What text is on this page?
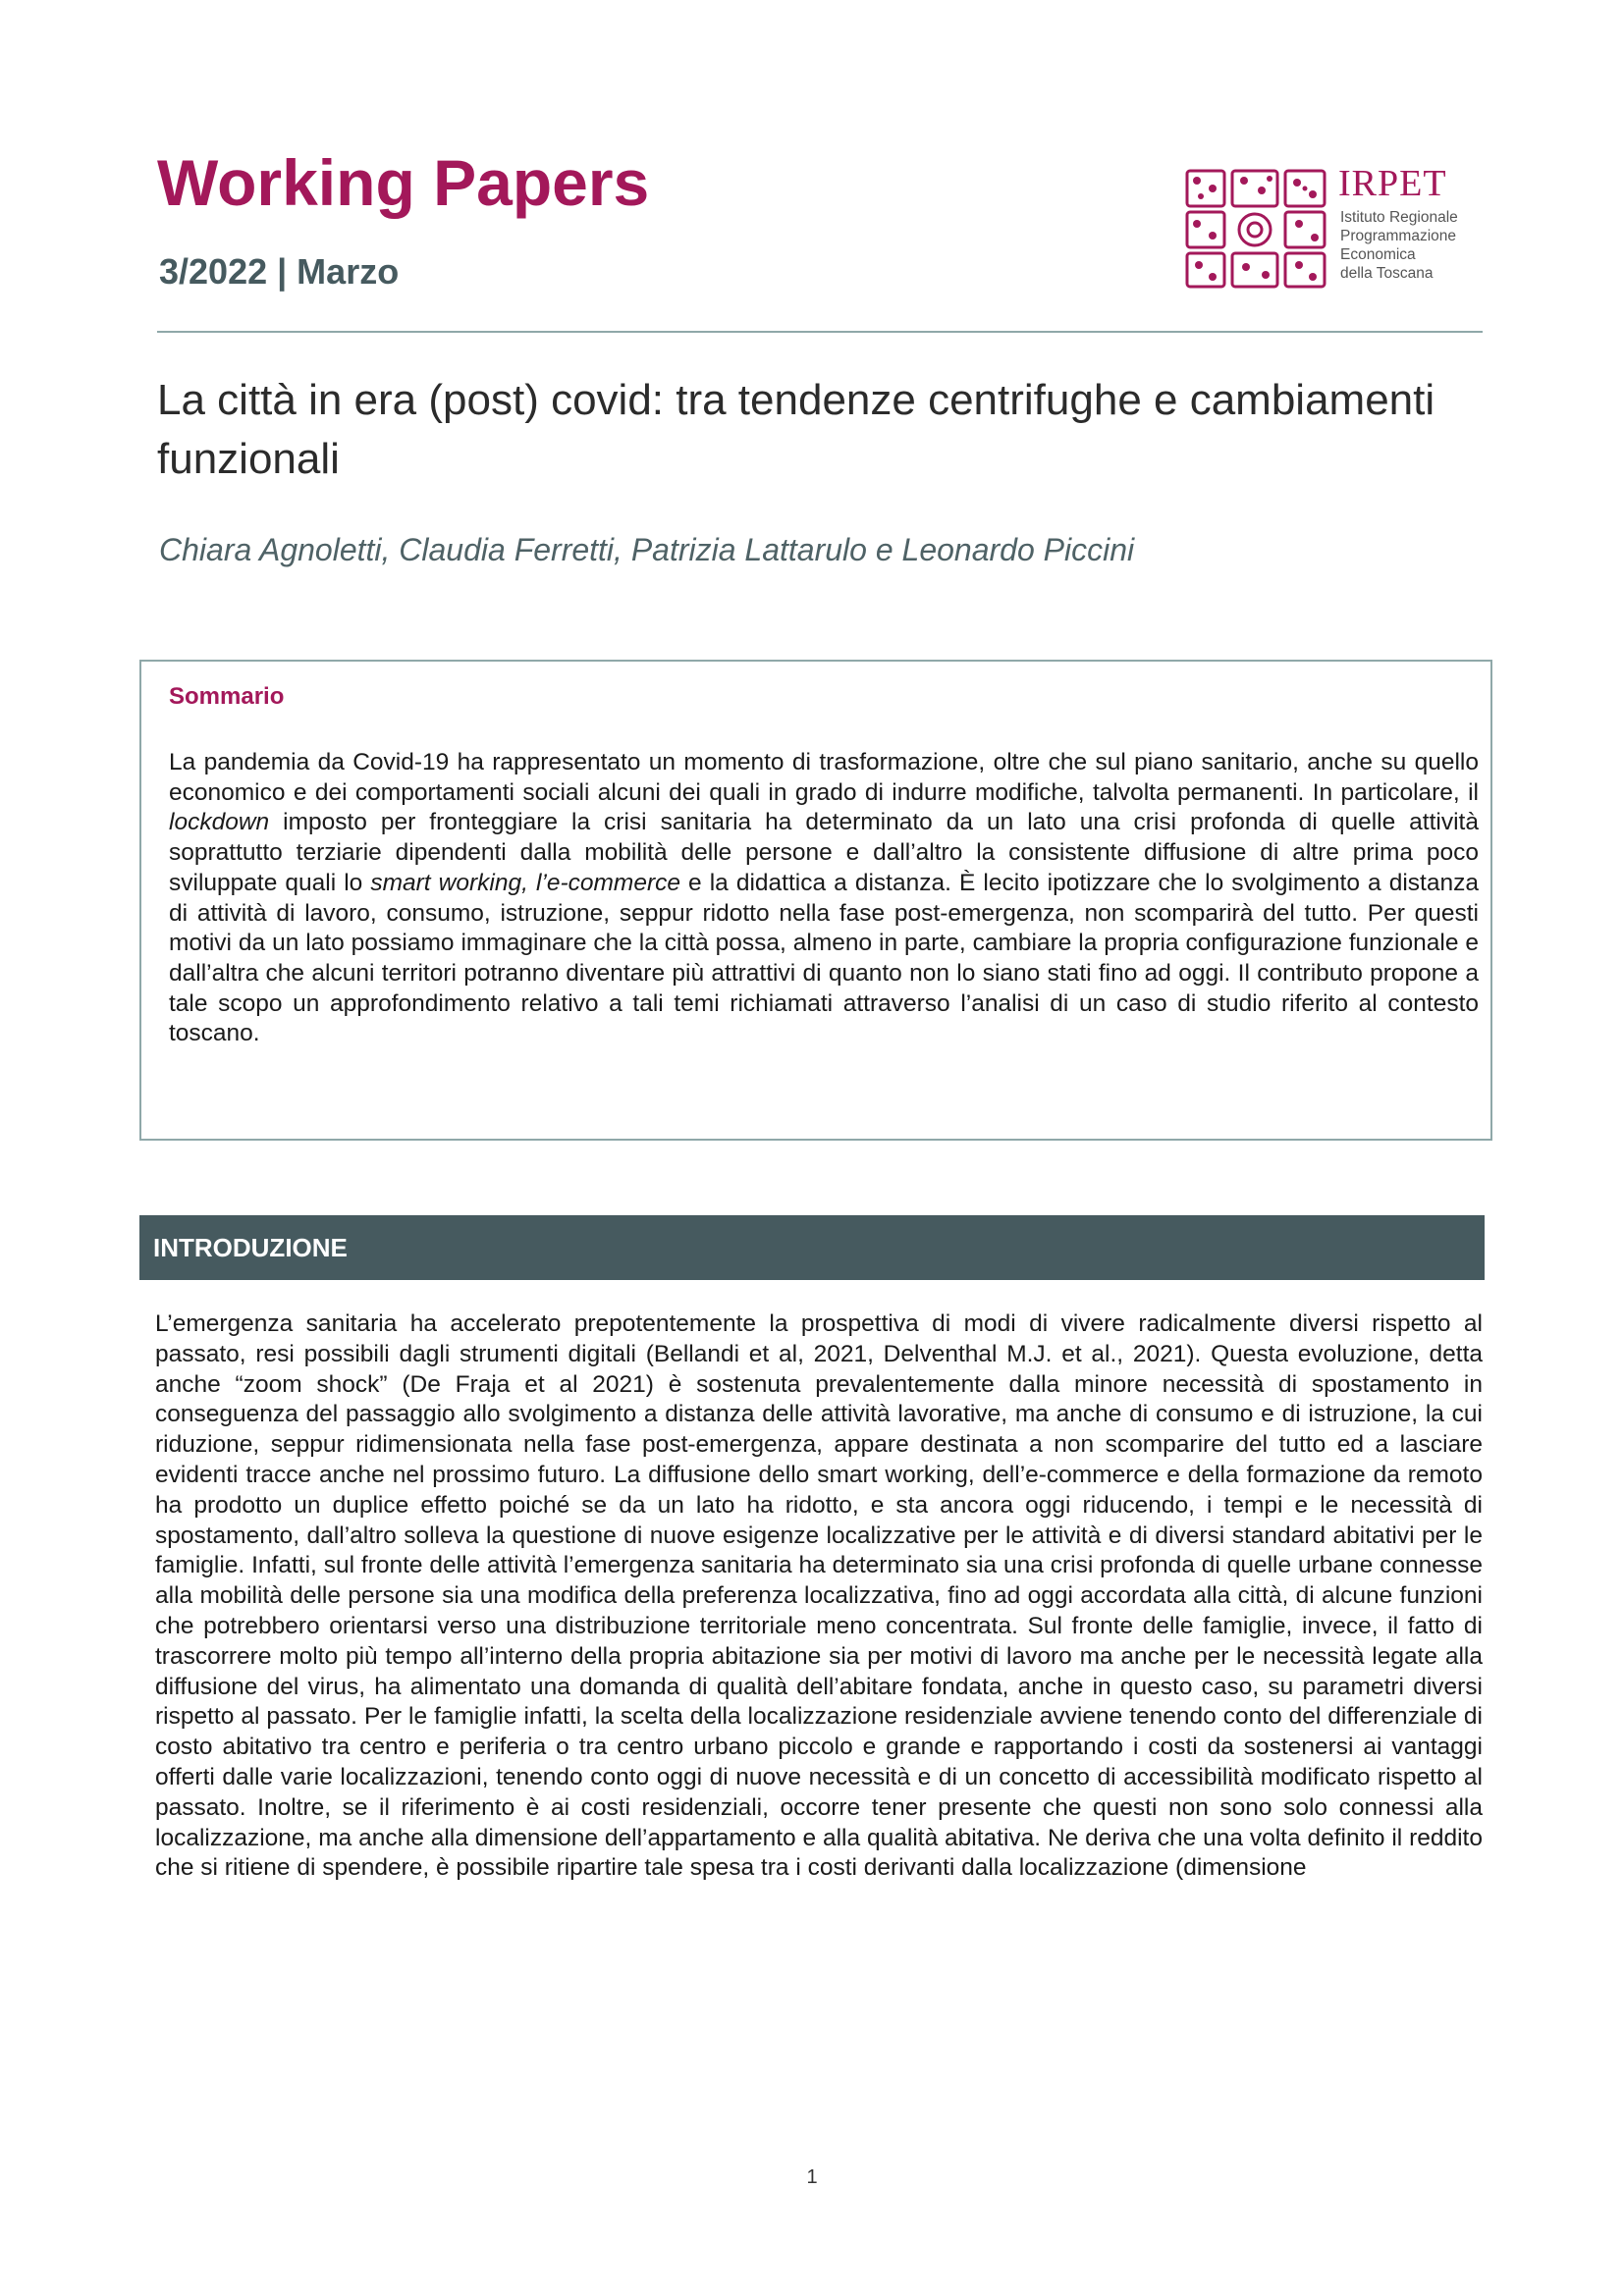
Working Papers
3/2022 | Marzo
IRPET
Istituto Regionale
Programmazione
Economica
della Toscana
La città in era (post) covid: tra tendenze centrifughe e cambiamenti funzionali
Chiara Agnoletti, Claudia Ferretti, Patrizia Lattarulo e Leonardo Piccini
Sommario

La pandemia da Covid-19 ha rappresentato un momento di trasformazione, oltre che sul piano sanitario, anche su quello economico e dei comportamenti sociali alcuni dei quali in grado di indurre modifiche, talvolta permanenti. In particolare, il lockdown imposto per fronteggiare la crisi sanitaria ha determinato da un lato una crisi profonda di quelle attività soprattutto terziarie dipendenti dalla mobilità delle persone e dall’altro la consistente diffusione di altre prima poco sviluppate quali lo smart working, l’e-commerce e la didattica a distanza. È lecito ipotizzare che lo svolgimento a distanza di attività di lavoro, consumo, istruzione, seppur ridotto nella fase post-emergenza, non scomparirà del tutto. Per questi motivi da un lato possiamo immaginare che la città possa, almeno in parte, cambiare la propria configurazione funzionale e dall’altra che alcuni territori potranno diventare più attrattivi di quanto non lo siano stati fino ad oggi. Il contributo propone a tale scopo un approfondimento relativo a tali temi richiamati attraverso l’analisi di un caso di studio riferito al contesto toscano.

INTRODUZIONE

L’emergenza sanitaria ha accelerato prepotentemente la prospettiva di modi di vivere radicalmente diversi rispetto al passato, resi possibili dagli strumenti digitali (Bellandi et al, 2021, Delventhal M.J. et al., 2021). Questa evoluzione, detta anche “zoom shock” (De Fraja et al 2021) è sostenuta prevalentemente dalla minore necessità di spostamento in conseguenza del passaggio allo svolgimento a distanza delle attività lavorative, ma anche di consumo e di istruzione, la cui riduzione, seppur ridimensionata nella fase post-emergenza, appare destinata a non scomparire del tutto ed a lasciare evidenti tracce anche nel prossimo futuro. La diffusione dello smart working, dell’e-commerce e della formazione da remoto ha prodotto un duplice effetto poiché se da un lato ha ridotto, e sta ancora oggi riducendo, i tempi e le necessità di spostamento, dall’altro solleva la questione di nuove esigenze localizzative per le attività e di diversi standard abitativi per le famiglie. Infatti, sul fronte delle attività l’emergenza sanitaria ha determinato sia una crisi profonda di quelle urbane connesse alla mobilità delle persone sia una modifica della preferenza localizzativa, fino ad oggi accordata alla città, di alcune funzioni che potrebbero orientarsi verso una distribuzione territoriale meno concentrata. Sul fronte delle famiglie, invece, il fatto di trascorrere molto più tempo all’interno della propria abitazione sia per motivi di lavoro ma anche per le necessità legate alla diffusione del virus, ha alimentato una domanda di qualità dell’abitare fondata, anche in questo caso, su parametri diversi rispetto al passato. Per le famiglie infatti, la scelta della localizzazione residenziale avviene tenendo conto del differenziale di costo abitativo tra centro e periferia o tra centro urbano piccolo e grande e rapportando i costi da sostenersi ai vantaggi offerti dalle varie localizzazioni, tenendo conto oggi di nuove necessità e di un concetto di accessibilità modificato rispetto al passato. Inoltre, se il riferimento è ai costi residenziali, occorre tener presente che questi non sono solo connessi alla localizzazione, ma anche alla dimensione dell’appartamento e alla qualità abitativa. Ne deriva che una volta definito il reddito che si ritiene di spendere, è possibile ripartire tale spesa tra i costi derivanti dalla localizzazione (dimensione

1
